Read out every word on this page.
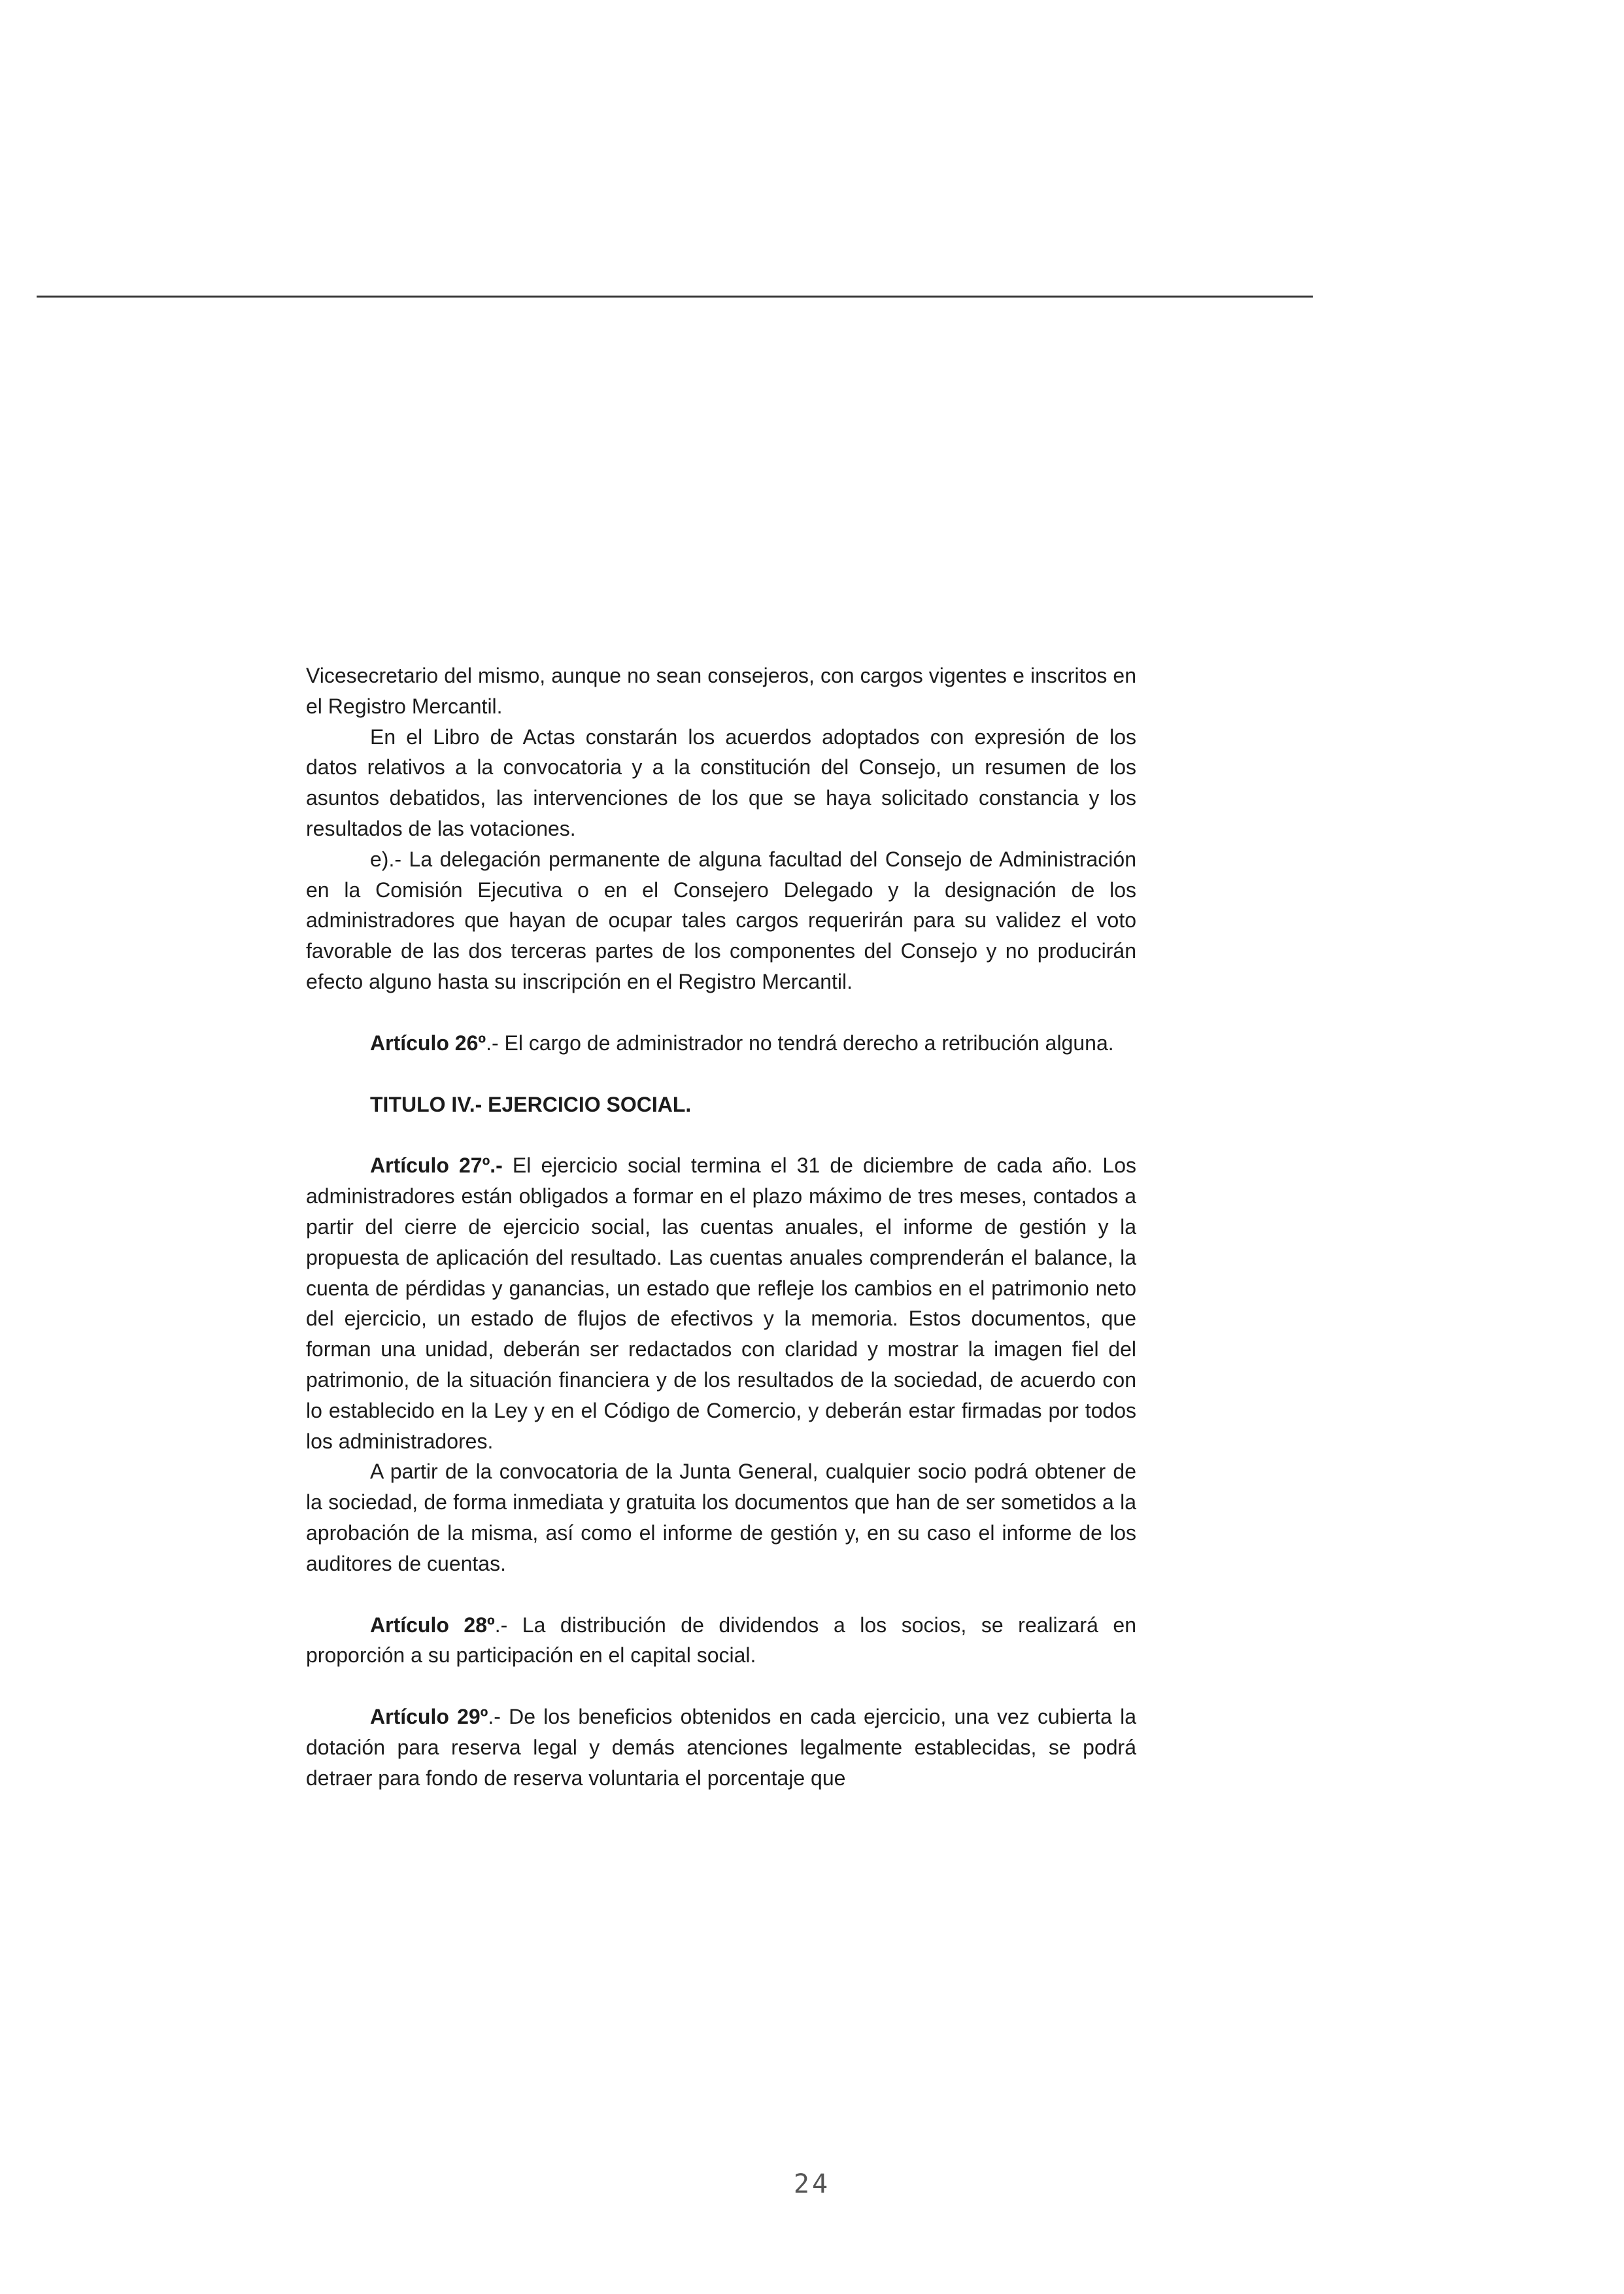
Vicesecretario del mismo, aunque no sean consejeros, con cargos vigentes e inscritos en el Registro Mercantil.

En el Libro de Actas constarán los acuerdos adoptados con expresión de los datos relativos a la convocatoria y a la constitución del Consejo, un resumen de los asuntos debatidos, las intervenciones de los que se haya solicitado constancia y los resultados de las votaciones.

e).- La delegación permanente de alguna facultad del Consejo de Administración en la Comisión Ejecutiva o en el Consejero Delegado y la designación de los administradores que hayan de ocupar tales cargos requerirán para su validez el voto favorable de las dos terceras partes de los componentes del Consejo y no producirán efecto alguno hasta su inscripción en el Registro Mercantil.

Artículo 26º.- El cargo de administrador no tendrá derecho a retribución alguna.

TITULO IV.- EJERCICIO SOCIAL.

Artículo 27º.- El ejercicio social termina el 31 de diciembre de cada año. Los administradores están obligados a formar en el plazo máximo de tres meses, contados a partir del cierre de ejercicio social, las cuentas anuales, el informe de gestión y la propuesta de aplicación del resultado. Las cuentas anuales comprenderán el balance, la cuenta de pérdidas y ganancias, un estado que refleje los cambios en el patrimonio neto del ejercicio, un estado de flujos de efectivos y la memoria. Estos documentos, que forman una unidad, deberán ser redactados con claridad y mostrar la imagen fiel del patrimonio, de la situación financiera y de los resultados de la sociedad, de acuerdo con lo establecido en la Ley y en el Código de Comercio, y deberán estar firmadas por todos los administradores.

A partir de la convocatoria de la Junta General, cualquier socio podrá obtener de la sociedad, de forma inmediata y gratuita los documentos que han de ser sometidos a la aprobación de la misma, así como el informe de gestión y, en su caso el informe de los auditores de cuentas.

Artículo 28º.- La distribución de dividendos a los socios, se realizará en proporción a su participación en el capital social.

Artículo 29º.- De los beneficios obtenidos en cada ejercicio, una vez cubierta la dotación para reserva legal y demás atenciones legalmente establecidas, se podrá detraer para fondo de reserva voluntaria el porcentaje que

24
